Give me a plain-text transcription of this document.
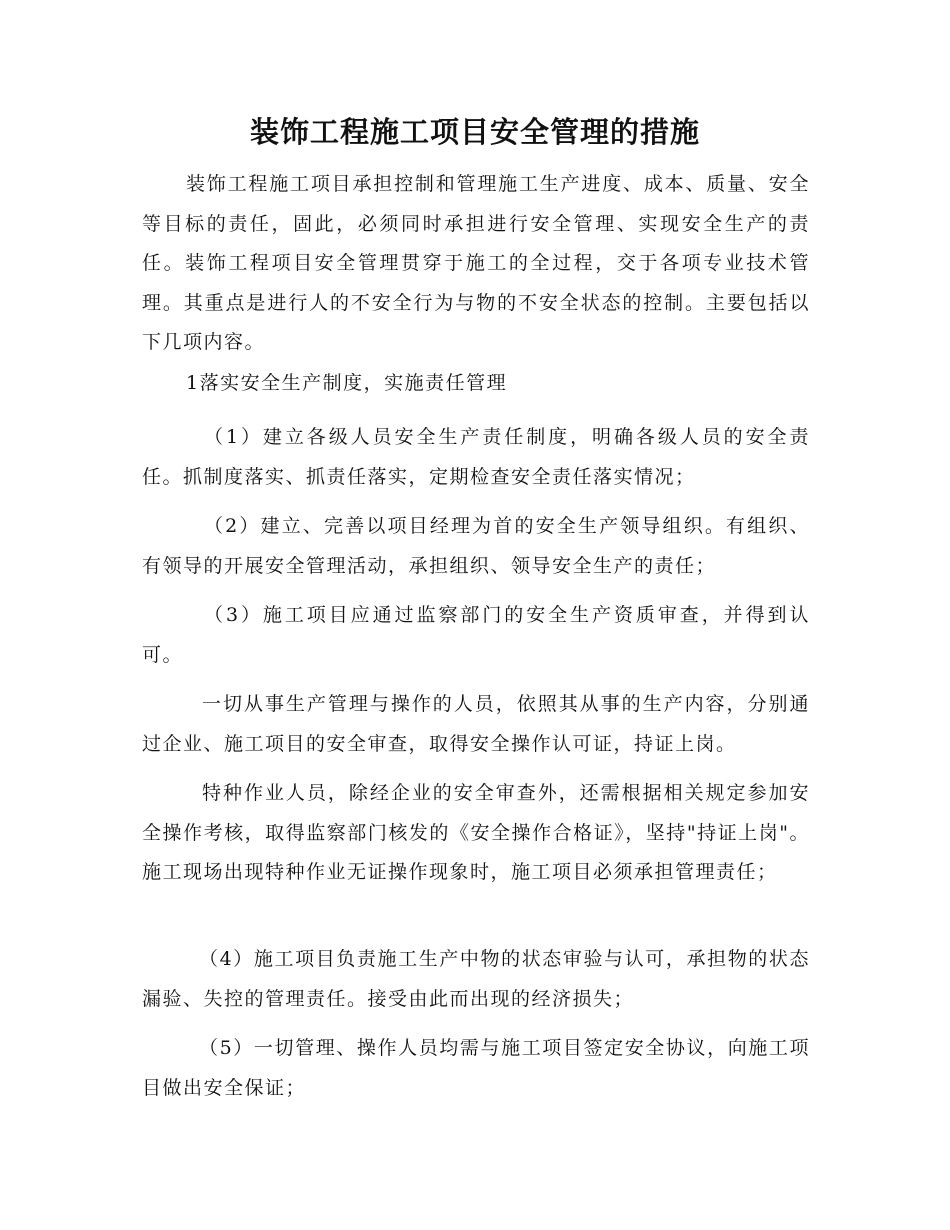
装饰工程施工项目安全管理的措施

装饰工程施工项目承担控制和管理施工生产进度、成本、质量、安全等目标的责任，固此，必须同时承担进行安全管理、实现安全生产的责任。装饰工程项目安全管理贯穿于施工的全过程，交于各项专业技术管理。其重点是进行人的不安全行为与物的不安全状态的控制。主要包括以下几项内容。

1落实安全生产制度，实施责任管理

（1）建立各级人员安全生产责任制度，明确各级人员的安全责任。抓制度落实、抓责任落实，定期检查安全责任落实情况；

（2）建立、完善以项目经理为首的安全生产领导组织。有组织、有领导的开展安全管理活动，承担组织、领导安全生产的责任；

（3）施工项目应通过监察部门的安全生产资质审查，并得到认可。

一切从事生产管理与操作的人员，依照其从事的生产内容，分别通过企业、施工项目的安全审查，取得安全操作认可证，持证上岗。

特种作业人员，除经企业的安全审查外，还需根据相关规定参加安全操作考核，取得监察部门核发的《安全操作合格证》，坚持"持证上岗"。施工现场出现特种作业无证操作现象时，施工项目必须承担管理责任；

（4）施工项目负责施工生产中物的状态审验与认可，承担物的状态漏验、失控的管理责任。接受由此而出现的经济损失；

（5）一切管理、操作人员均需与施工项目签定安全协议，向施工项目做出安全保证；
